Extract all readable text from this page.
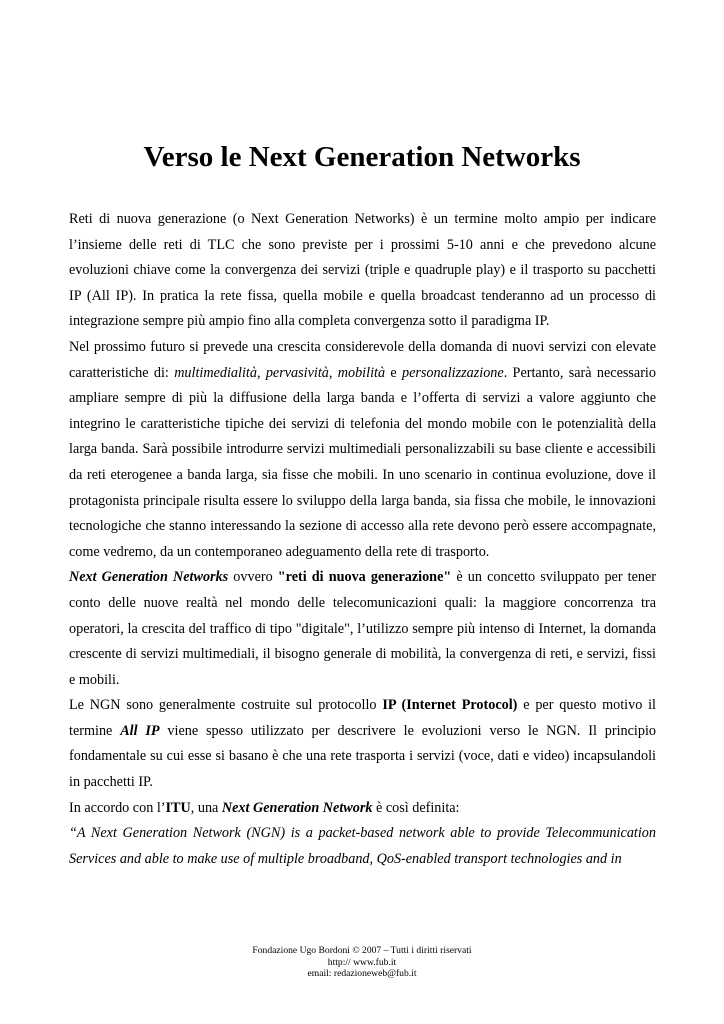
Verso le Next Generation Networks

Reti di nuova generazione (o Next Generation Networks) è un termine molto ampio per indicare l’insieme delle reti di TLC che sono previste per i prossimi 5-10 anni e che prevedono alcune evoluzioni chiave come la convergenza dei servizi (triple e quadruple play) e il trasporto su pacchetti IP (All IP). In pratica la rete fissa, quella mobile e quella broadcast tenderanno ad un processo di integrazione sempre più ampio fino alla completa convergenza sotto il paradigma IP.

Nel prossimo futuro si prevede una crescita considerevole della domanda di nuovi servizi con elevate caratteristiche di: multimedialità, pervasività, mobilità e personalizzazione. Pertanto, sarà necessario ampliare sempre di più la diffusione della larga banda e l’offerta di servizi a valore aggiunto che integrino le caratteristiche tipiche dei servizi di telefonia del mondo mobile con le potenzialità della larga banda. Sarà possibile introdurre servizi multimediali personalizzabili su base cliente e accessibili da reti eterogenee a banda larga, sia fisse che mobili. In uno scenario in continua evoluzione, dove il protagonista principale risulta essere lo sviluppo della larga banda, sia fissa che mobile, le innovazioni tecnologiche che stanno interessando la sezione di accesso alla rete devono però essere accompagnate, come vedremo, da un contemporaneo adeguamento della rete di trasporto.

Next Generation Networks ovvero "reti di nuova generazione" è un concetto sviluppato per tener conto delle nuove realtà nel mondo delle telecomunicazioni quali: la maggiore concorrenza tra operatori, la crescita del traffico di tipo "digitale", l’utilizzo sempre più intenso di Internet, la domanda crescente di servizi multimediali, il bisogno generale di mobilità, la convergenza di reti, e servizi, fissi e mobili.

Le NGN sono generalmente costruite sul protocollo IP (Internet Protocol) e per questo motivo il termine All IP viene spesso utilizzato per descrivere le evoluzioni verso le NGN. Il principio fondamentale su cui esse si basano è che una rete trasporta i servizi (voce, dati e video) incapsulandoli in pacchetti IP.

In accordo con l’ITU, una Next Generation Network è così definita:

“A Next Generation Network (NGN) is a packet-based network able to provide Telecommunication Services and able to make use of multiple broadband, QoS-enabled transport technologies and in

Fondazione Ugo Bordoni © 2007 – Tutti i diritti riservati
http:// www.fub.it
email: redazioneweb@fub.it
